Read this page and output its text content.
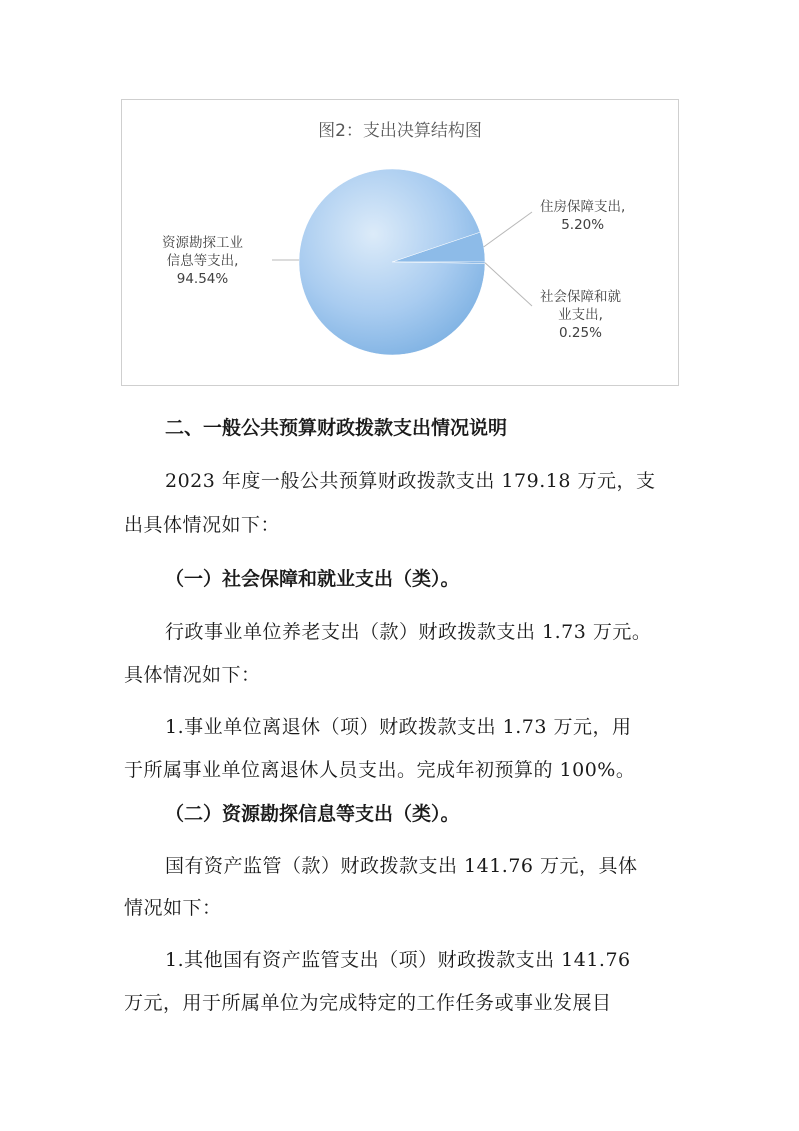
图2：支出决算结构图
资源勘探工业
信息等支出,
94.54%
住房保障支出,
5.20%
社会保障和就
业支出,
0.25%
二、一般公共预算财政拨款支出情况说明
2023 年度一般公共预算财政拨款支出 179.18 万元，支
出具体情况如下：
（一）社会保障和就业支出（类）。
行政事业单位养老支出（款）财政拨款支出 1.73 万元。
具体情况如下：
1.事业单位离退休（项）财政拨款支出 1.73 万元，用
于所属事业单位离退休人员支出。完成年初预算的 100%。
（二）资源勘探信息等支出（类）。
国有资产监管（款）财政拨款支出 141.76 万元，具体
情况如下：
1.其他国有资产监管支出（项）财政拨款支出 141.76
万元，用于所属单位为完成特定的工作任务或事业发展目
